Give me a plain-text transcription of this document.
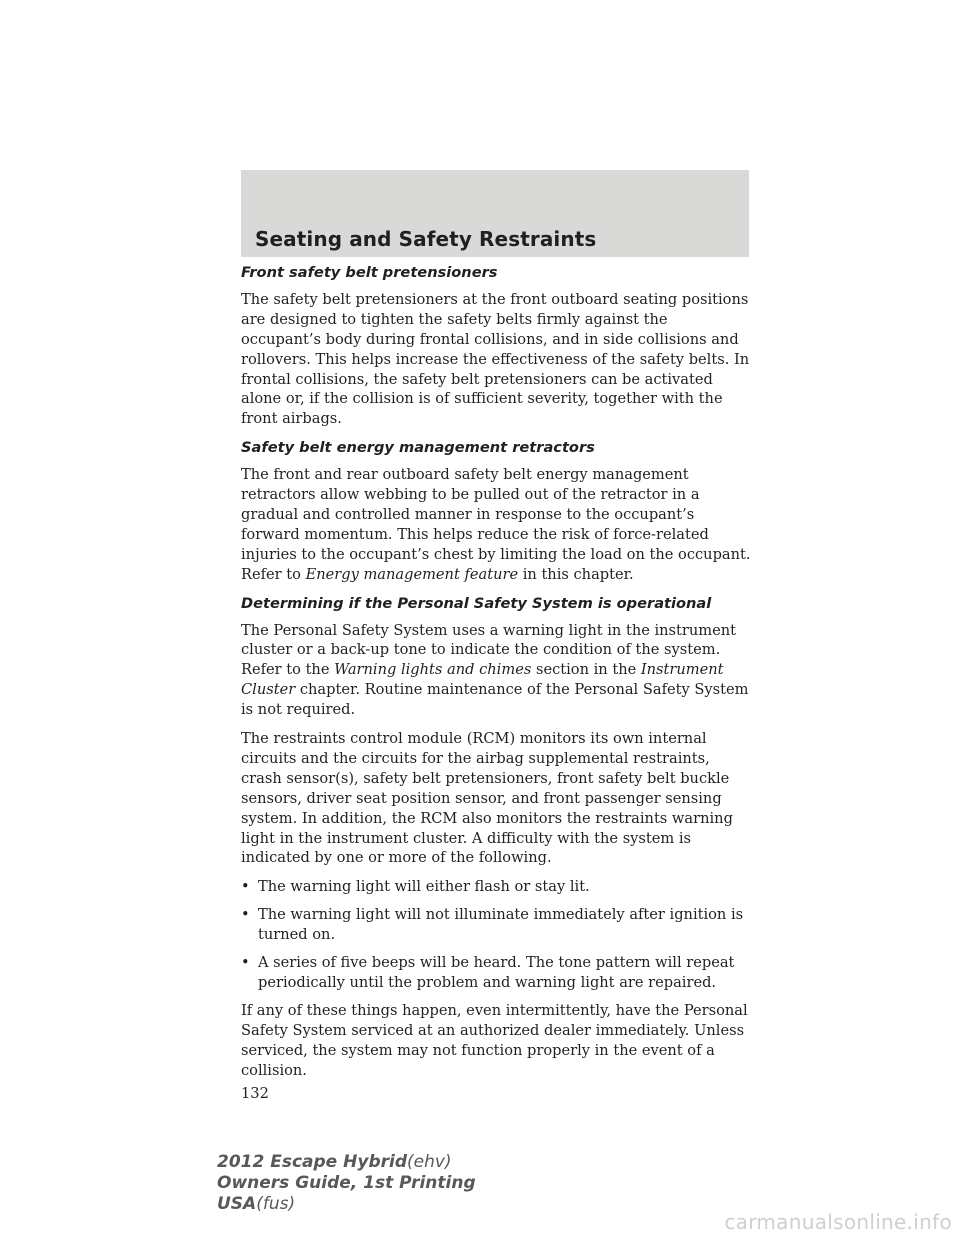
Seating and Safety Restraints
Front safety belt pretensioners

The safety belt pretensioners at the front outboard seating positions are designed to tighten the safety belts firmly against the occupant’s body during frontal collisions, and in side collisions and rollovers. This helps increase the effectiveness of the safety belts. In frontal collisions, the safety belt pretensioners can be activated alone or, if the collision is of sufficient severity, together with the front airbags.

Safety belt energy management retractors

The front and rear outboard safety belt energy management retractors allow webbing to be pulled out of the retractor in a gradual and controlled manner in response to the occupant’s forward momentum. This helps reduce the risk of force-related injuries to the occupant’s chest by limiting the load on the occupant. Refer to Energy management feature in this chapter.

Determining if the Personal Safety System is operational

The Personal Safety System uses a warning light in the instrument cluster or a back-up tone to indicate the condition of the system. Refer to the Warning lights and chimes section in the Instrument Cluster chapter. Routine maintenance of the Personal Safety System is not required.

The restraints control module (RCM) monitors its own internal circuits and the circuits for the airbag supplemental restraints, crash sensor(s), safety belt pretensioners, front safety belt buckle sensors, driver seat position sensor, and front passenger sensing system. In addition, the RCM also monitors the restraints warning light in the instrument cluster. A difficulty with the system is indicated by one or more of the following.

• The warning light will either flash or stay lit.
• The warning light will not illuminate immediately after ignition is turned on.
• A series of five beeps will be heard. The tone pattern will repeat periodically until the problem and warning light are repaired.

If any of these things happen, even intermittently, have the Personal Safety System serviced at an authorized dealer immediately. Unless serviced, the system may not function properly in the event of a collision.

132
2012 Escape Hybrid(ehv)
Owners Guide, 1st Printing
USA(fus)
carmanualsonline.info
